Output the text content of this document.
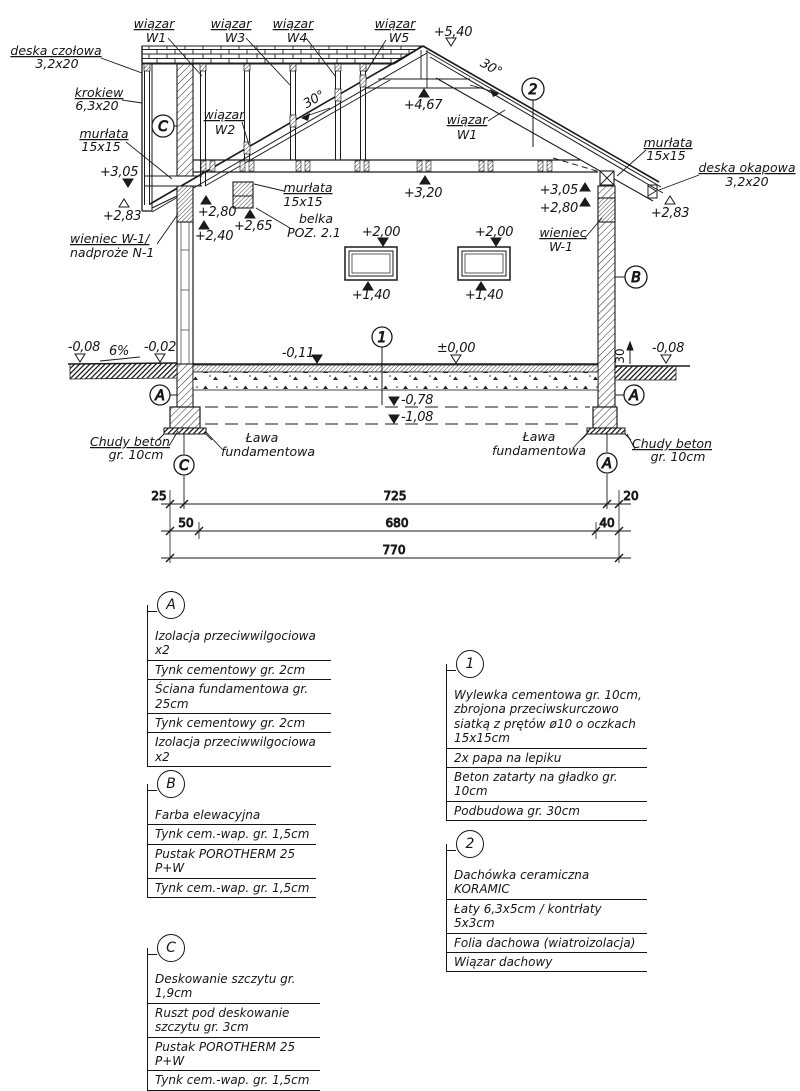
C
2
B
A	A
1
C	A
+5,40
+4,67
+3,20
+3,05
+2,83	+2,80
+2,40
+2,65
+3,05
+2,80	+2,83
+2,00	+2,00
+1,40	+1,40
-0,11	±0,00
-0,02
-0,08	-0,08
-0,78
-1,08
6%	30
30°
30°
wiązar
W1
wiązar
W3
wiązar
W4
wiązar
W5
wiązar
W2
wiązar
W1
deska czołowa
3,2x20
krokiew
6,3x20
murłata
15x15
murłata
15x15
belka
POZ. 2.1
murłata
15x15
deska okapowa
3,2x20
wieniec W-1/
nadproże N-1
wieniec
W-1
Chudy beton
gr. 10cm
Ława
fundamentowa
Ława
fundamentowa	Chudy beton
gr. 10cm
25	725	20
50	680	40
770
A
Izolacja przeciwwilgociowa x2
Tynk cementowy gr. 2cm
Ściana fundamentowa gr. 25cm
Tynk cementowy gr. 2cm
Izolacja przeciwwilgociowa x2
B
Farba elewacyjna
Tynk cem.-wap. gr. 1,5cm
Pustak POROTHERM 25 P+W
Tynk cem.-wap. gr. 1,5cm
C
Deskowanie szczytu gr. 1,9cm
Ruszt pod deskowanie szczytu gr. 3cm
Pustak POROTHERM 25 P+W
Tynk cem.-wap. gr. 1,5cm
1
Wylewka cementowa gr. 10cm, zbrojona przeciwskurczowo siatką z prętów ø10 o oczkach 15x15cm
2x papa na lepiku
Beton zatarty na gładko gr. 10cm
Podbudowa gr. 30cm
2
Dachówka ceramiczna KORAMIC
Łaty 6,3x5cm / kontrłaty 5x3cm
Folia dachowa (wiatroizolacja)
Wiązar dachowy
